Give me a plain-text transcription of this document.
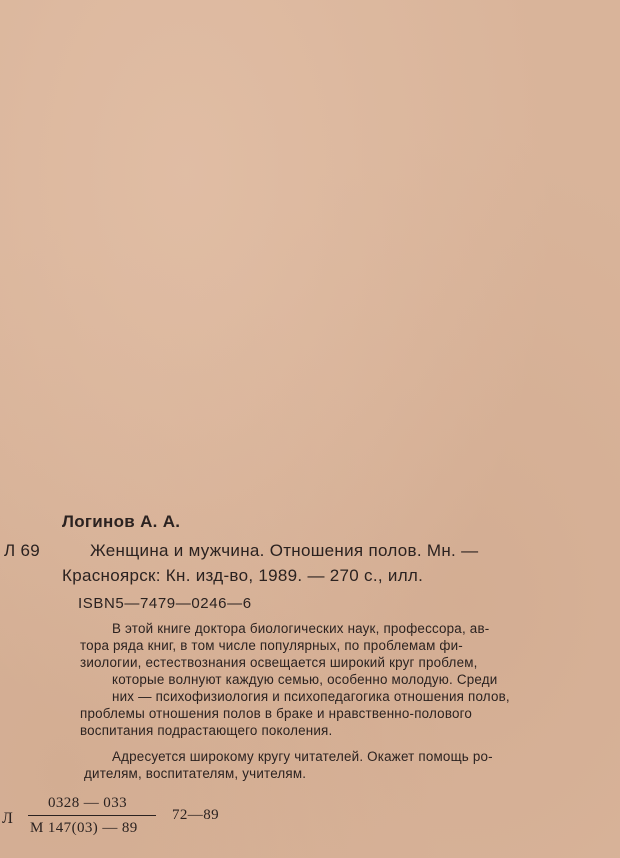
Логинов А. А.
Л 69	Женщина и мужчина. Отношения полов. Мн. —
Красноярск: Кн. изд-во, 1989. — 270 с., илл.
ISBN5—7479—0246—6
В этой книге доктора биологических наук, профессора, ав-
тора ряда книг, в том числе популярных, по проблемам фи-
зиологии, естествознания освещается широкий круг проблем,
которые волнуют каждую семью, особенно молодую. Среди
них — психофизиология и психопедагогика отношения полов,
проблемы отношения полов в браке и нравственно-полового
воспитания подрастающего поколения.
Адресуется широкому кругу читателей. Окажет помощь ро-
дителям, воспитателям, учителям.
Л
0328 — 033
М 147(03) — 89
72—89
